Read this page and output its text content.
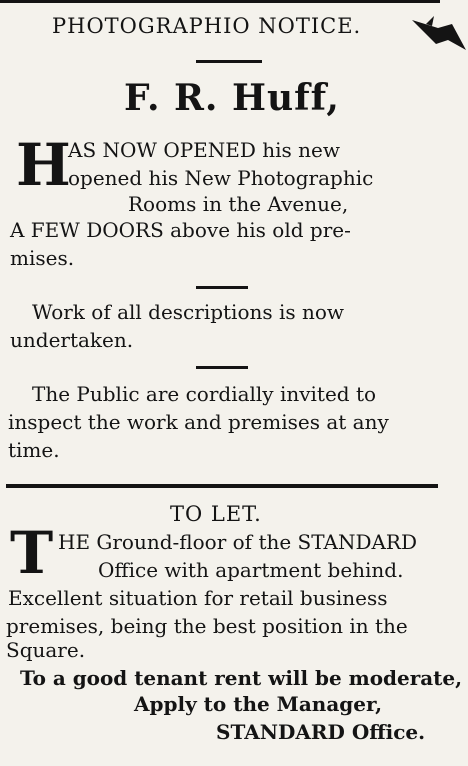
PHOTOGRAPHIO NOTICE.
F. R. Huff,
H
AS NOW OPENED his new
opened his New Photographic
Rooms in the Avenue,
A FEW DOORS above his old pre-
mises.
Work of all descriptions is now
undertaken.
The Public are cordially invited to
inspect the work and premises at any
time.
TO LET.
T HE Ground-floor of the STANDARD
Office with apartment behind.
Excellent situation for retail business
premises, being the best position in the
Square.
To a good tenant rent will be moderate,
Apply to the Manager,
STANDARD Office.
